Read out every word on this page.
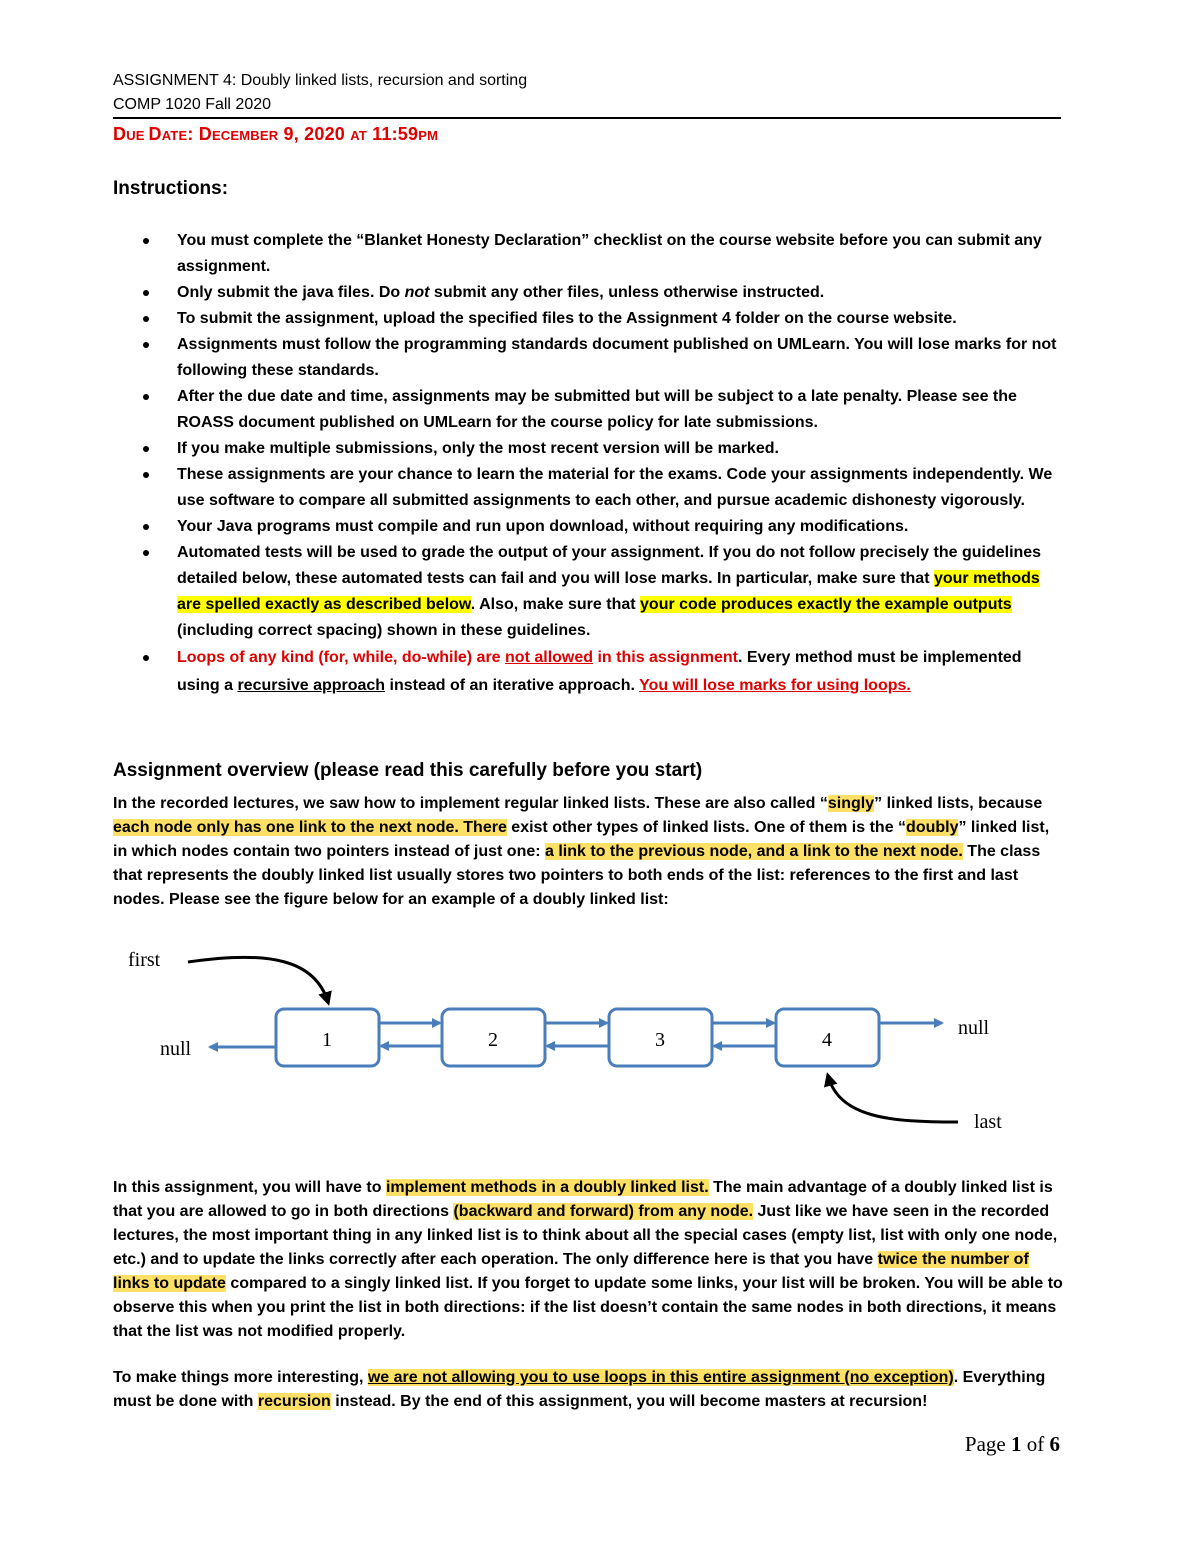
ASSIGNMENT 4: Doubly linked lists, recursion and sorting
COMP 1020 Fall 2020
DUE DATE: DECEMBER 9, 2020 AT 11:59PM
Instructions:
You must complete the “Blanket Honesty Declaration” checklist on the course website before you can submit any assignment.
Only submit the java files. Do not submit any other files, unless otherwise instructed.
To submit the assignment, upload the specified files to the Assignment 4 folder on the course website.
Assignments must follow the programming standards document published on UMLearn. You will lose marks for not following these standards.
After the due date and time, assignments may be submitted but will be subject to a late penalty. Please see the ROASS document published on UMLearn for the course policy for late submissions.
If you make multiple submissions, only the most recent version will be marked.
These assignments are your chance to learn the material for the exams. Code your assignments independently. We use software to compare all submitted assignments to each other, and pursue academic dishonesty vigorously.
Your Java programs must compile and run upon download, without requiring any modifications.
Automated tests will be used to grade the output of your assignment. If you do not follow precisely the guidelines detailed below, these automated tests can fail and you will lose marks. In particular, make sure that your methods are spelled exactly as described below. Also, make sure that your code produces exactly the example outputs (including correct spacing) shown in these guidelines.
Loops of any kind (for, while, do-while) are not allowed in this assignment. Every method must be implemented using a recursive approach instead of an iterative approach. You will lose marks for using loops.
Assignment overview (please read this carefully before you start)

In the recorded lectures, we saw how to implement regular linked lists. These are also called “singly” linked lists, because each node only has one link to the next node. There exist other types of linked lists. One of them is the “doubly” linked list, in which nodes contain two pointers instead of just one: a link to the previous node, and a link to the next node. The class that represents the doubly linked list usually stores two pointers to both ends of the list: references to the first and last nodes. Please see the figure below for an example of a doubly linked list:

first
null	1	2	3	4
null
last

In this assignment, you will have to implement methods in a doubly linked list. The main advantage of a doubly linked list is that you are allowed to go in both directions (backward and forward) from any node. Just like we have seen in the recorded lectures, the most important thing in any linked list is to think about all the special cases (empty list, list with only one node, etc.) and to update the links correctly after each operation. The only difference here is that you have twice the number of links to update compared to a singly linked list. If you forget to update some links, your list will be broken. You will be able to observe this when you print the list in both directions: if the list doesn’t contain the same nodes in both directions, it means that the list was not modified properly.

To make things more interesting, we are not allowing you to use loops in this entire assignment (no exception). Everything must be done with recursion instead. By the end of this assignment, you will become masters at recursion!

Page 1 of 6
